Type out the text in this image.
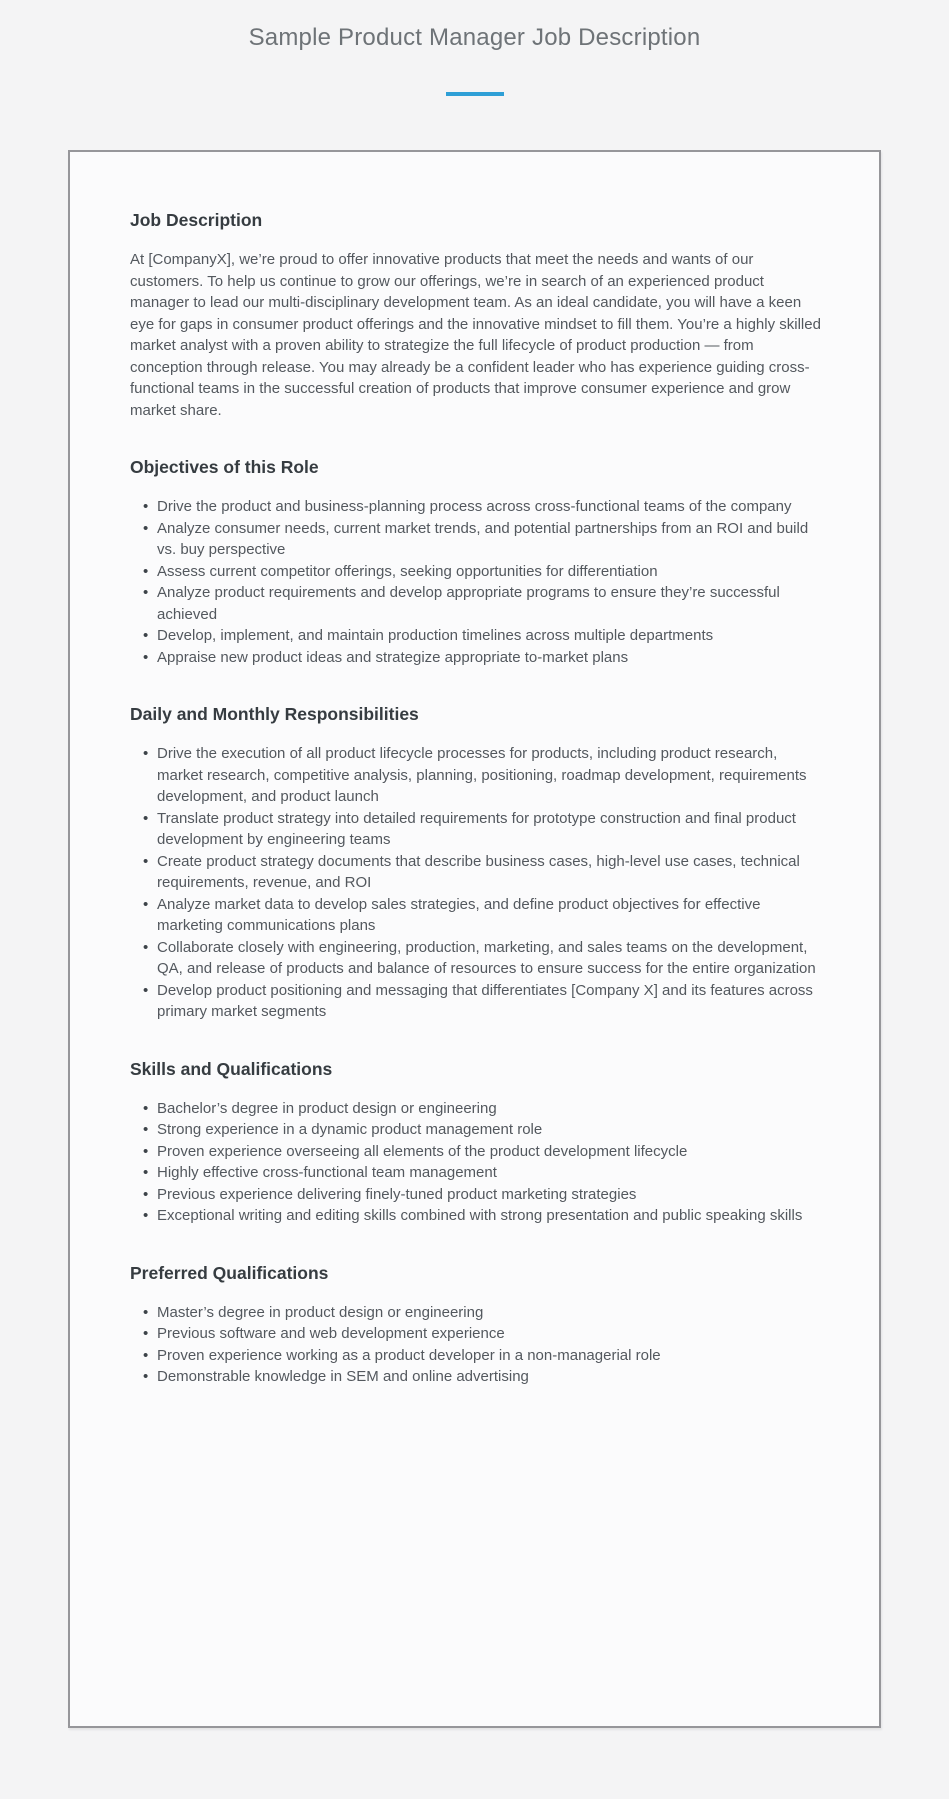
Sample Product Manager Job Description
Job Description

At [CompanyX], we’re proud to offer innovative products that meet the needs and wants of our customers. To help us continue to grow our offerings, we’re in search of an experienced product manager to lead our multi-disciplinary development team. As an ideal candidate, you will have a keen eye for gaps in consumer product offerings and the innovative mindset to fill them. You’re a highly skilled market analyst with a proven ability to strategize the full lifecycle of product production — from conception through release. You may already be a confident leader who has experience guiding cross-functional teams in the successful creation of products that improve consumer experience and grow market share.

Objectives of this Role
• Drive the product and business-planning process across cross-functional teams of the company
• Analyze consumer needs, current market trends, and potential partnerships from an ROI and build vs. buy perspective
• Assess current competitor offerings, seeking opportunities for differentiation
• Analyze product requirements and develop appropriate programs to ensure they’re successful achieved
• Develop, implement, and maintain production timelines across multiple departments
• Appraise new product ideas and strategize appropriate to-market plans
Daily and Monthly Responsibilities
• Drive the execution of all product lifecycle processes for products, including product research, market research, competitive analysis, planning, positioning, roadmap development, requirements development, and product launch
• Translate product strategy into detailed requirements for prototype construction and final product development by engineering teams
• Create product strategy documents that describe business cases, high-level use cases, technical requirements, revenue, and ROI
• Analyze market data to develop sales strategies, and define product objectives for effective marketing communications plans
• Collaborate closely with engineering, production, marketing, and sales teams on the development, QA, and release of products and balance of resources to ensure success for the entire organization
• Develop product positioning and messaging that differentiates [Company X] and its features across primary market segments
Skills and Qualifications
• Bachelor’s degree in product design or engineering
• Strong experience in a dynamic product management role
• Proven experience overseeing all elements of the product development lifecycle
• Highly effective cross-functional team management
• Previous experience delivering finely-tuned product marketing strategies
• Exceptional writing and editing skills combined with strong presentation and public speaking skills
Preferred Qualifications
• Master’s degree in product design or engineering
• Previous software and web development experience
• Proven experience working as a product developer in a non-managerial role
• Demonstrable knowledge in SEM and online advertising
